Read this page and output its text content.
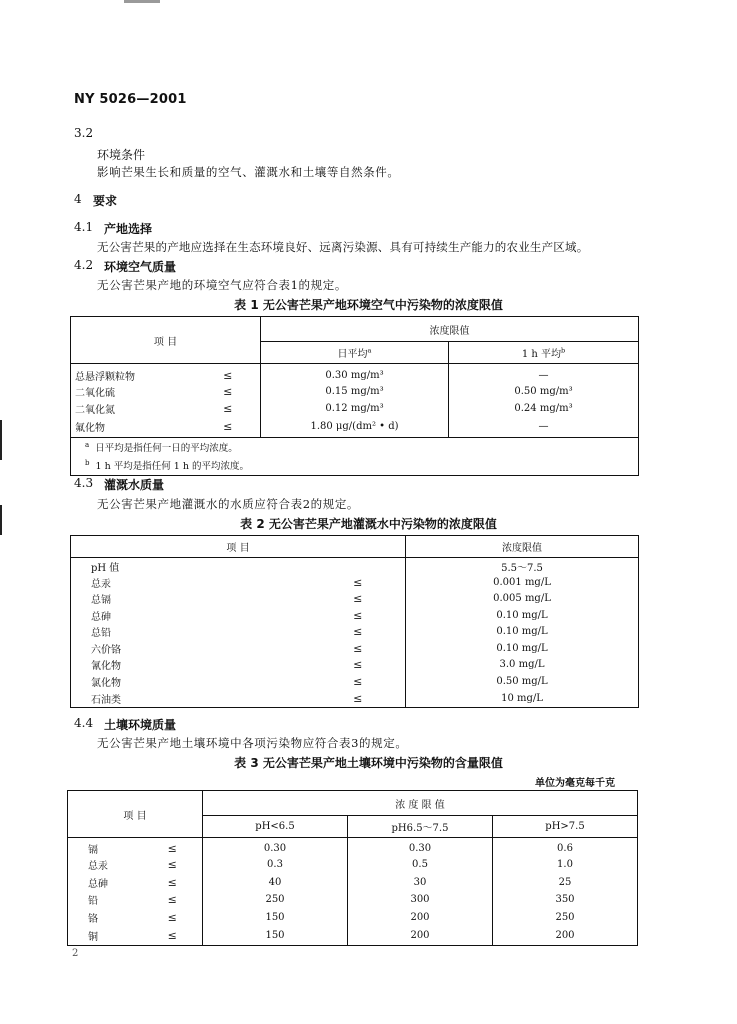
NY 5026—2001
3.2
环境条件
影响芒果生长和质量的空气、灌溉水和土壤等自然条件。
4 要求
4.1 产地选择
无公害芒果的产地应选择在生态环境良好、远离污染源、具有可持续生产能力的农业生产区域。
4.2 环境空气质量
无公害芒果产地的环境空气应符合表1的规定。
表 1 无公害芒果产地环境空气中污染物的浓度限值
项 目		浓度限值	
		日平均$^a$	1 h 平均$^b$
总悬浮颗粒物	≤	0.30 mg/m³	—
二氧化硫	≤	0.15 mg/m³	0.50 mg/m³
二氧化氮	≤	0.12 mg/m³	0.24 mg/m³
氟化物	≤	1.80 μg/(dm² • d)	—
$^a$ 日平均是指任何一日的平均浓度。			
$^b$ 1 h 平均是指任何 1 h 的平均浓度。			
4.3 灌溉水质量
无公害芒果产地灌溉水的水质应符合表2的规定。
表 2 无公害芒果产地灌溉水中污染物的浓度限值
项 目		浓度限值
pH 值		5.5～7.5
总汞	≤	0.001 mg/L
总镉	≤	0.005 mg/L
总砷	≤	0.10 mg/L
总铅	≤	0.10 mg/L
六价铬	≤	0.10 mg/L
氰化物	≤	3.0 mg/L
氯化物	≤	0.50 mg/L
石油类	≤	10 mg/L
4.4 土壤环境质量
无公害芒果产地土壤环境中各项污染物应符合表3的规定。
表 3 无公害芒果产地土壤环境中污染物的含量限值
单位为毫克每千克
项 目		浓 度 限 值		
		pH<6.5	pH6.5～7.5	pH>7.5
镉	≤	0.30	0.30	0.6
总汞	≤	0.3	0.5	1.0
总砷	≤	40	30	25
铅	≤	250	300	350
铬	≤	150	200	250
铜	≤	150	200	200
2
